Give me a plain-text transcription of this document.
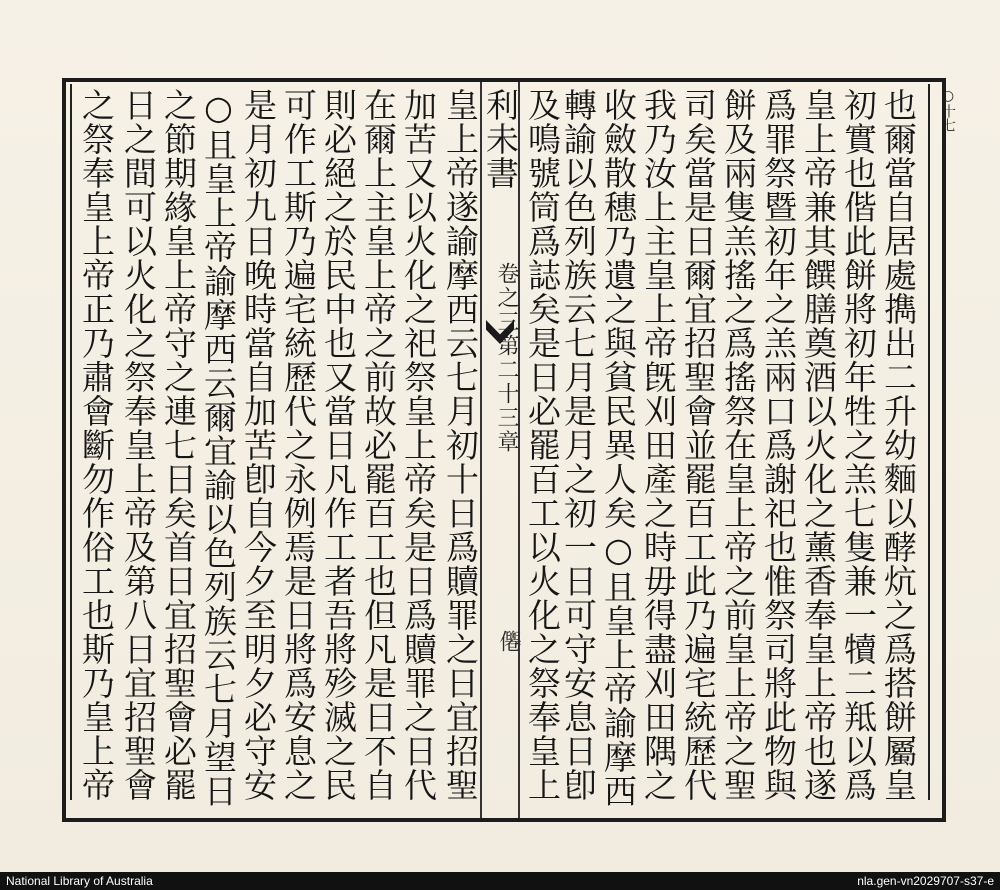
卷之三第二十三章
㒨
○十七
也爾當自居處擕出二升幼麵以酵炕之爲搭餅屬皇
初實也偕此餅將初年牲之羔七隻兼一犢二羝以爲
皇上帝兼其饌膳奠酒以火化之薰香奉皇上帝也遂
爲罪祭暨初年之羔兩口爲謝祀也惟祭司將此物與
餅及兩隻羔搖之爲搖祭在皇上帝之前皇上帝之聖
司矣當是日爾宜招聖會並罷百工此乃遍宅統歷代
我乃汝上主皇上帝旣刈田產之時毋得盡刈田隅之
收斂散穗乃遺之與貧民異人矣○且皇上帝諭摩西
轉諭以色列族云七月是月之初一日可守安息日卽
及鳴號筒爲誌矣是日必罷百工以火化之祭奉皇上
利未書
皇上帝遂諭摩西云七月初十日爲贖罪之日宜招聖
加苦又以火化之祀祭皇上帝矣是日爲贖罪之日代
在爾上主皇上帝之前故必罷百工也但凡是日不自
則必絕之於民中也又當日凡作工者吾將殄滅之民
可作工斯乃遍宅統歷代之永例焉是日將爲安息之
是月初九日晚時當自加苦卽自今夕至明夕必守安
○且皇上帝諭摩西云爾宜諭以色列族云七月望日
之節期緣皇上帝守之連七日矣首日宜招聖會必罷
日之間可以火化之祭奉皇上帝及第八日宜招聖會
之祭奉皇上帝正乃肅會斷勿作俗工也斯乃皇上帝
National Library of Australia	nla.gen-vn2029707-s37-e
